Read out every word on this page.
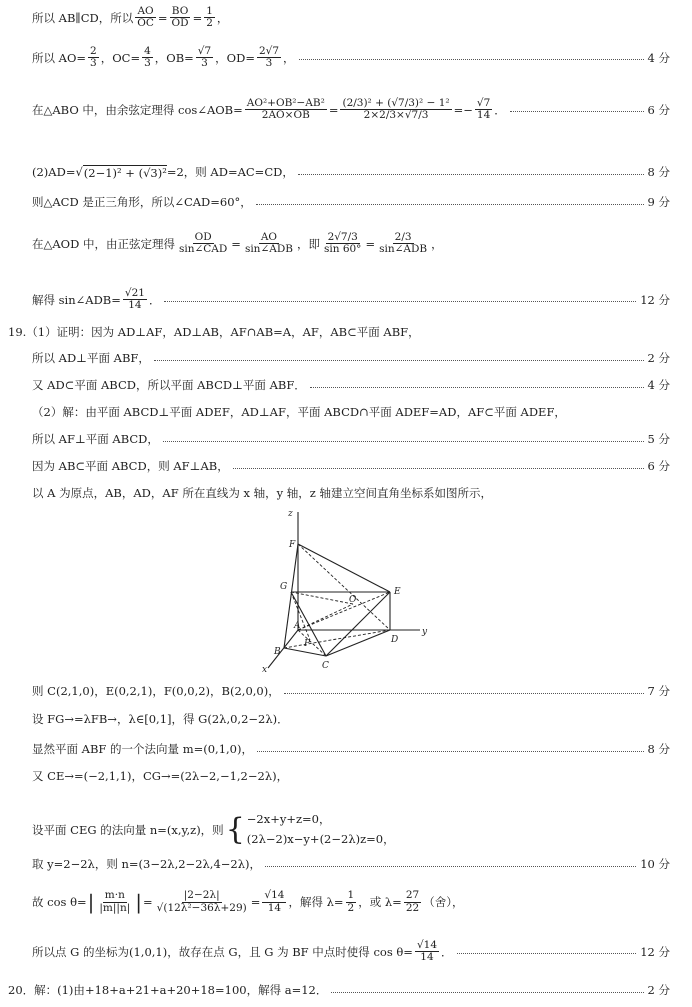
所以 AB∥CD，所以 $\frac{AO}{OC} = \frac{BO}{OD} = \frac{1}{2}$ ，
所以 $AO= \frac{2}{3}$ ，$OC= \frac{4}{3}$ ，$OB= \frac{√7}{3}$ ，$OD= \frac{2√7}{3}$ ，	4 分
在△ABO 中，由余弦定理得 cos∠AOB= $\frac{\text{AO²+OB²−AB²}}{2AO\times OB} = \frac{\text{(2/3)² + (√7/3)² − 1²}}{2\times 2/3\times√7/3} =- \frac{√7}{14}$ ．	6 分
(2)AD= √ (2−1)² + (√3)² =2，则 AD=AC=CD，	8 分
则△ACD 是正三角形，所以∠CAD=60°，	9 分
在△AOD 中，由正弦定理得 $\frac{OD}{\text{sin∠CAD}} = \frac{AO}{\text{sin∠ADB}}$ ，即 $\frac{2√7/3}{\sin 60^\circ} = \frac{2/3}{\text{sin∠ADB}}$ ，
解得 sin∠ADB= $\frac{√21}{14}$ ．	12 分
19.（1）证明：因为 AD⊥AF，AD⊥AB，AF∩AB=A，AF，AB⊂平面 ABF，
所以 AD⊥平面 ABF，	2 分
又 AD⊂平面 ABCD，所以平面 ABCD⊥平面 ABF．	4 分
（2）解：由平面 ABCD⊥平面 ADEF，AD⊥AF，平面 ABCD∩平面 ADEF=AD，AF⊂平面 ADEF，
所以 AF⊥平面 ABCD，	5 分
因为 AB⊂平面 ABCD，则 AF⊥AB，	6 分
以 A 为原点，AB，AD，AF 所在直线为 x 轴，y 轴，z 轴建立空间直角坐标系如图所示，
z
F
G	E
O
A
P	D
y
B
C
x
则 C(2,1,0)，E(0,2,1)，F(0,0,2)，B(2,0,0)，	7 分
设 FG→=λFB→，λ∈[0,1]，得 G(2λ,0,2−2λ)．
显然平面 ABF 的一个法向量 m=(0,1,0)，	8 分
又 CE→=(−2,1,1)，CG→=(2λ−2,−1,2−2λ)，
设平面 CEG 的法向量 n=(x,y,z)，则 { −2x+y+z=0，
(2λ−2)x−y+(2−2λ)z=0，
取 y=2−2λ，则 n=(3−2λ,2−2λ,4−2λ)，	10 分
故 cos θ= | $\frac{m\cdot n}{|m||n|}$ | = $\frac{|2-2\lambda|}{\text{√(12λ²−36λ+29)}} = \frac{√14}{14}$ ，解得 $\lambda= \frac{1}{2}$ ，或 $\lambda= \frac{27}{22}$ （舍），
所以点 G 的坐标为(1,0,1)，故存在点 G，且 G 为 BF 中点时使得 $\cos \theta= \frac{√14}{14}$ ．	12 分
20．解：(1)由 +18+a+21+a+20+18=100，解得 a=12．	2 分
